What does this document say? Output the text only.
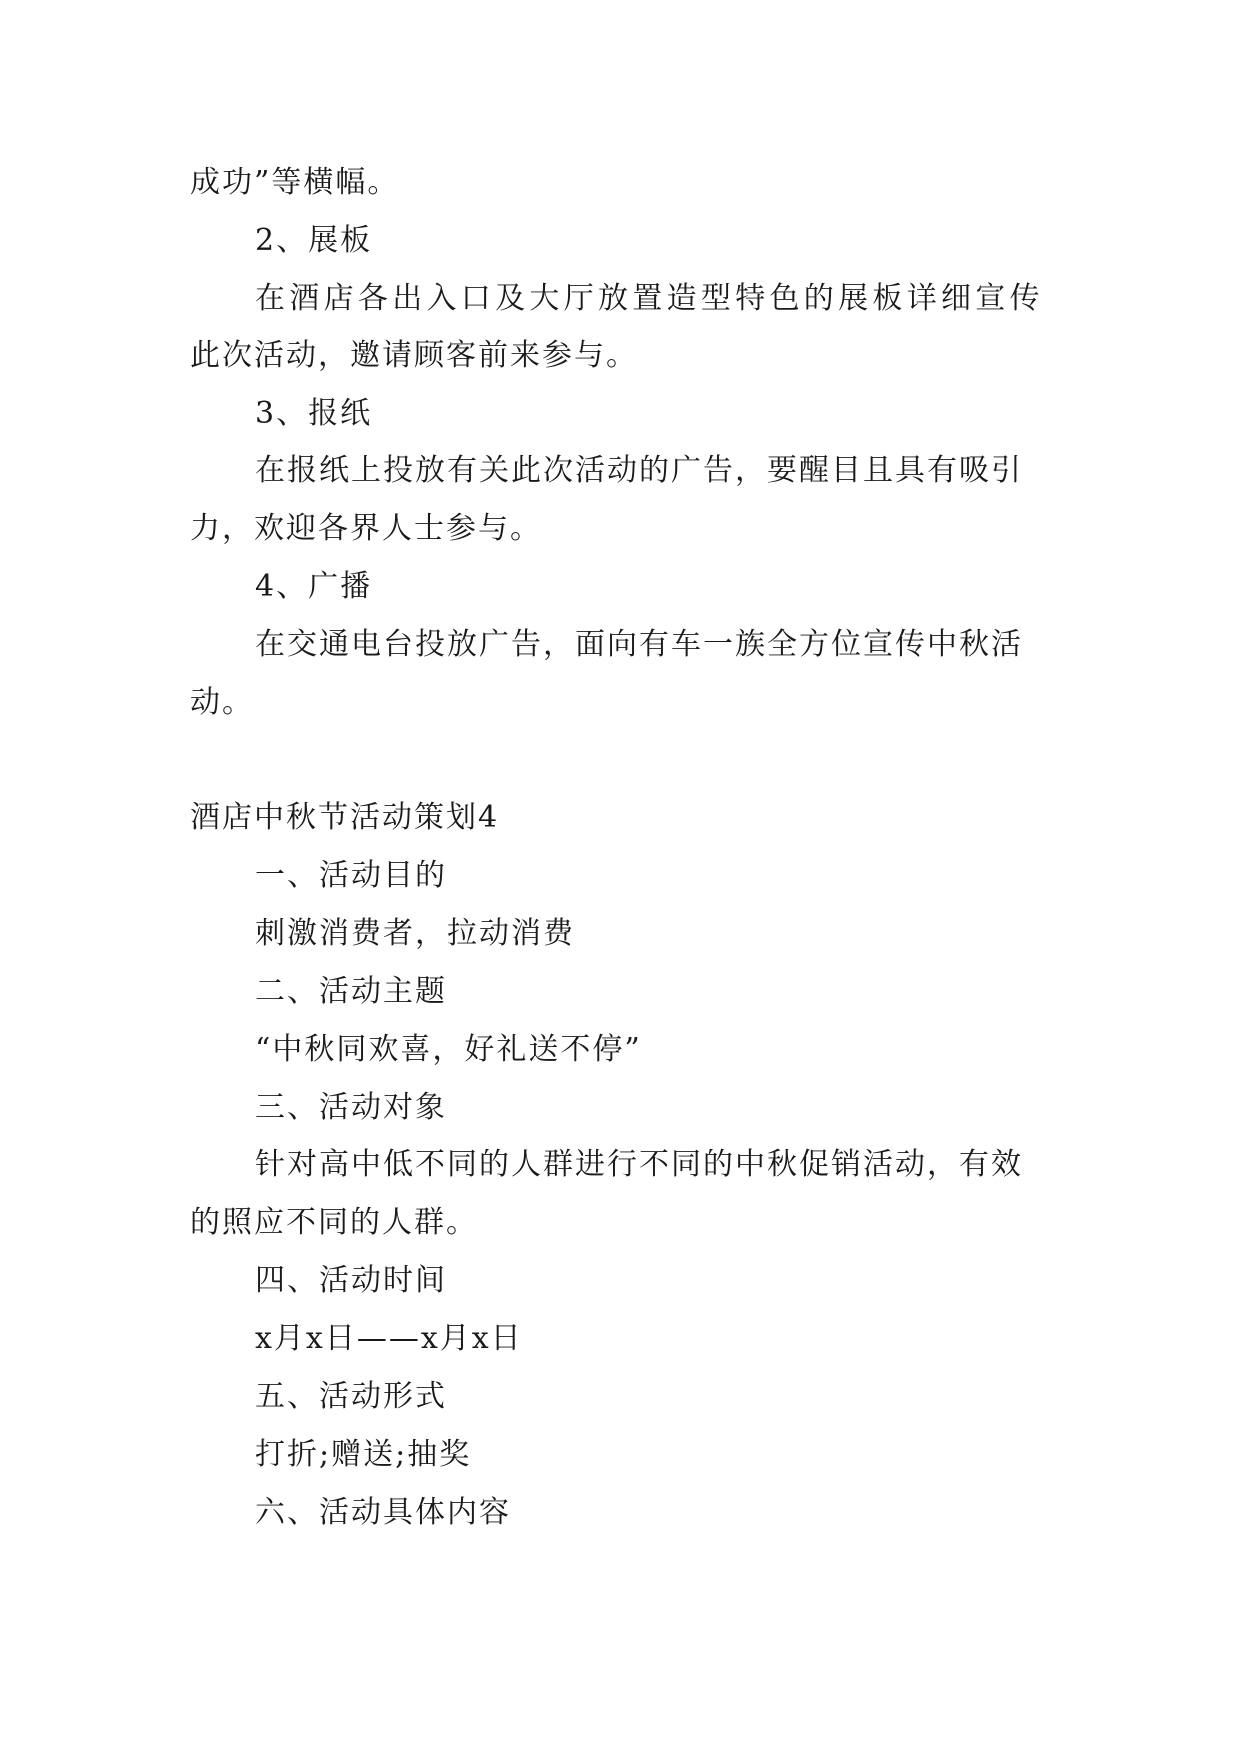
成功”等横幅。
2、展板
在酒店各出入口及大厅放置造型特色的展板详细宣传
此次活动，邀请顾客前来参与。
3、报纸
在报纸上投放有关此次活动的广告，要醒目且具有吸引
力，欢迎各界人士参与。
4、广播
在交通电台投放广告，面向有车一族全方位宣传中秋活
动。
酒店中秋节活动策划4
一、活动目的
刺激消费者，拉动消费
二、活动主题
“中秋同欢喜，好礼送不停”
三、活动对象
针对高中低不同的人群进行不同的中秋促销活动，有效
的照应不同的人群。
四、活动时间
x月x日——x月x日
五、活动形式
打折;赠送;抽奖
六、活动具体内容
